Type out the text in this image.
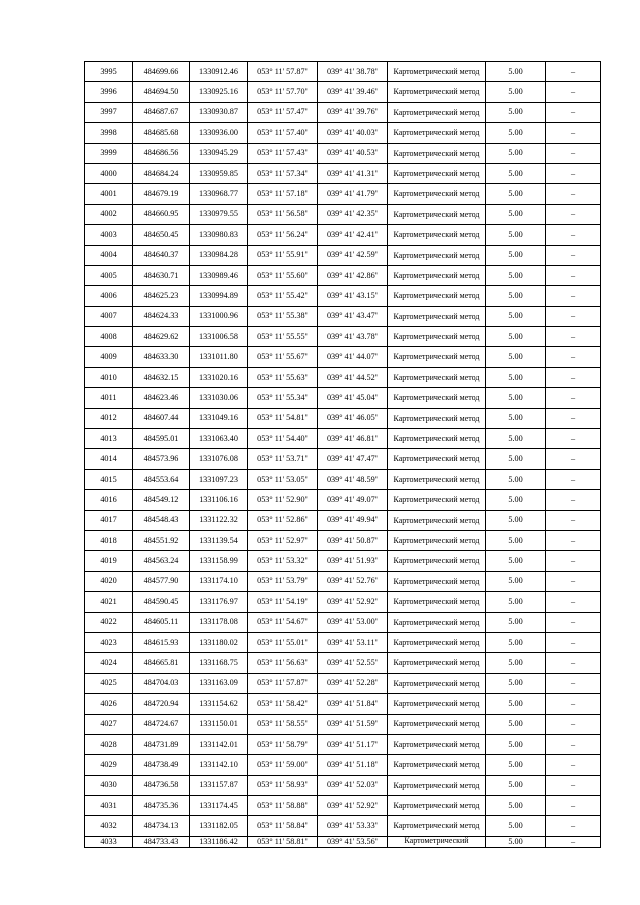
3995	484699.66	1330912.46	053° 11' 57.87"	039° 41' 38.78"	Картометрический метод	5.00	–
3996	484694.50	1330925.16	053° 11' 57.70"	039° 41' 39.46"	Картометрический метод	5.00	–
3997	484687.67	1330930.87	053° 11' 57.47"	039° 41' 39.76"	Картометрический метод	5.00	–
3998	484685.68	1330936.00	053° 11' 57.40"	039° 41' 40.03"	Картометрический метод	5.00	–
3999	484686.56	1330945.29	053° 11' 57.43"	039° 41' 40.53"	Картометрический метод	5.00	–
4000	484684.24	1330959.85	053° 11' 57.34"	039° 41' 41.31"	Картометрический метод	5.00	–
4001	484679.19	1330968.77	053° 11' 57.18"	039° 41' 41.79"	Картометрический метод	5.00	–
4002	484660.95	1330979.55	053° 11' 56.58"	039° 41' 42.35"	Картометрический метод	5.00	–
4003	484650.45	1330980.83	053° 11' 56.24"	039° 41' 42.41"	Картометрический метод	5.00	–
4004	484640.37	1330984.28	053° 11' 55.91"	039° 41' 42.59"	Картометрический метод	5.00	–
4005	484630.71	1330989.46	053° 11' 55.60"	039° 41' 42.86"	Картометрический метод	5.00	–
4006	484625.23	1330994.89	053° 11' 55.42"	039° 41' 43.15"	Картометрический метод	5.00	–
4007	484624.33	1331000.96	053° 11' 55.38"	039° 41' 43.47"	Картометрический метод	5.00	–
4008	484629.62	1331006.58	053° 11' 55.55"	039° 41' 43.78"	Картометрический метод	5.00	–
4009	484633.30	1331011.80	053° 11' 55.67"	039° 41' 44.07"	Картометрический метод	5.00	–
4010	484632.15	1331020.16	053° 11' 55.63"	039° 41' 44.52"	Картометрический метод	5.00	–
4011	484623.46	1331030.06	053° 11' 55.34"	039° 41' 45.04"	Картометрический метод	5.00	–
4012	484607.44	1331049.16	053° 11' 54.81"	039° 41' 46.05"	Картометрический метод	5.00	–
4013	484595.01	1331063.40	053° 11' 54.40"	039° 41' 46.81"	Картометрический метод	5.00	–
4014	484573.96	1331076.08	053° 11' 53.71"	039° 41' 47.47"	Картометрический метод	5.00	–
4015	484553.64	1331097.23	053° 11' 53.05"	039° 41' 48.59"	Картометрический метод	5.00	–
4016	484549.12	1331106.16	053° 11' 52.90"	039° 41' 49.07"	Картометрический метод	5.00	–
4017	484548.43	1331122.32	053° 11' 52.86"	039° 41' 49.94"	Картометрический метод	5.00	–
4018	484551.92	1331139.54	053° 11' 52.97"	039° 41' 50.87"	Картометрический метод	5.00	–
4019	484563.24	1331158.99	053° 11' 53.32"	039° 41' 51.93"	Картометрический метод	5.00	–
4020	484577.90	1331174.10	053° 11' 53.79"	039° 41' 52.76"	Картометрический метод	5.00	–
4021	484590.45	1331176.97	053° 11' 54.19"	039° 41' 52.92"	Картометрический метод	5.00	–
4022	484605.11	1331178.08	053° 11' 54.67"	039° 41' 53.00"	Картометрический метод	5.00	–
4023	484615.93	1331180.02	053° 11' 55.01"	039° 41' 53.11"	Картометрический метод	5.00	–
4024	484665.81	1331168.75	053° 11' 56.63"	039° 41' 52.55"	Картометрический метод	5.00	–
4025	484704.03	1331163.09	053° 11' 57.87"	039° 41' 52.28"	Картометрический метод	5.00	–
4026	484720.94	1331154.62	053° 11' 58.42"	039° 41' 51.84"	Картометрический метод	5.00	–
4027	484724.67	1331150.01	053° 11' 58.55"	039° 41' 51.59"	Картометрический метод	5.00	–
4028	484731.89	1331142.01	053° 11' 58.79"	039° 41' 51.17"	Картометрический метод	5.00	–
4029	484738.49	1331142.10	053° 11' 59.00"	039° 41' 51.18"	Картометрический метод	5.00	–
4030	484736.58	1331157.87	053° 11' 58.93"	039° 41' 52.03"	Картометрический метод	5.00	–
4031	484735.36	1331174.45	053° 11' 58.88"	039° 41' 52.92"	Картометрический метод	5.00	–
4032	484734.13	1331182.05	053° 11' 58.84"	039° 41' 53.33"	Картометрический метод	5.00	–
4033	484733.43	1331186.42	053° 11' 58.81"	039° 41' 53.56"	Картометрический	5.00	–
